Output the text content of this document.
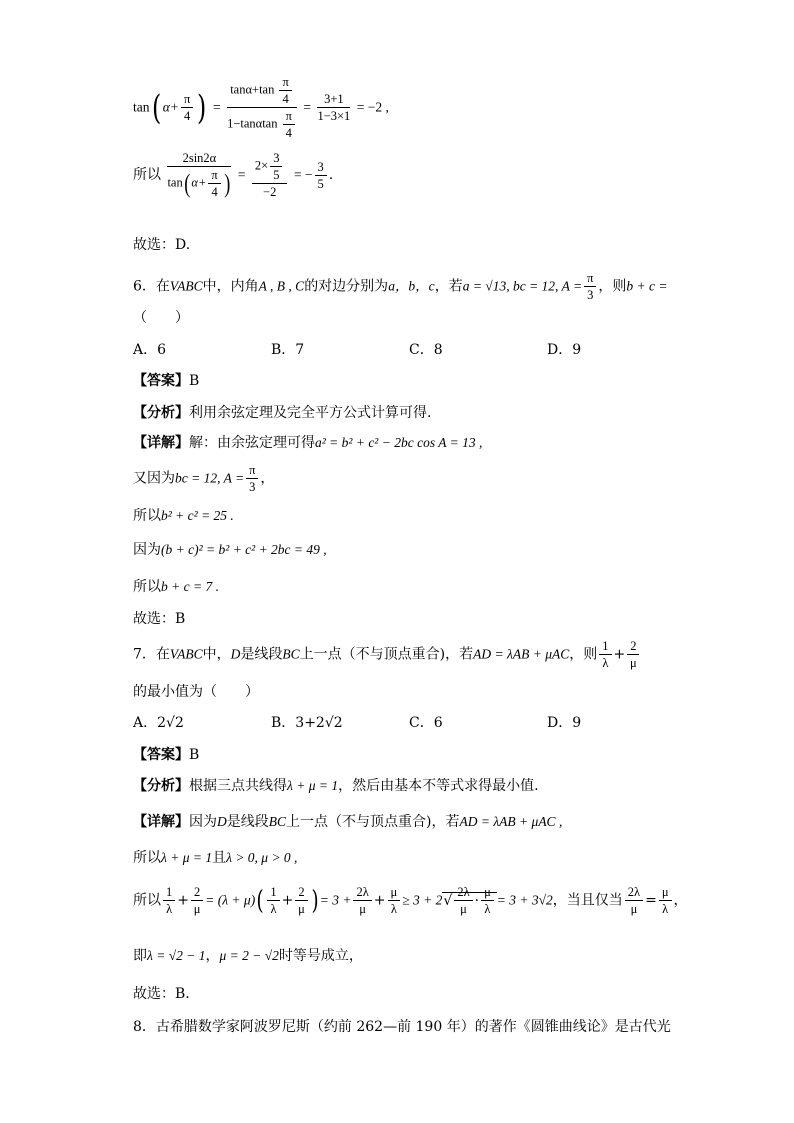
tan( $\alpha+ \frac{\pi}{4}$ ) = $\frac{\tan\alpha+\tan \frac{\pi}{4}}{1-\tan\alpha\tan \frac{\pi}{4}} = \frac{3+1}{1-3\times 1} = -2$ ,
所以 $\frac{2\sin 2\alpha}{\tan(\alpha+ \frac{\pi}{4} )} = \frac{2\times \frac{3}{5}}{-2}$ = − $\frac{3}{5}$ .
故选：D.
6．在VABC中，内角A , B , C的对边分别为a，b，c，若a = √13, bc = 12, $A = \frac{\pi}{3}$ ，则b + c =
（　　）
A．6	B．7	C．8	D．9
【答案】B
【分析】利用余弦定理及完全平方公式计算可得.
【详解】解：由余弦定理可得a² = b² + c² − 2bc cos A = 13 ,
又因为bc = 12, $A = \frac{\pi}{3}$ ，
所以b² + c² = 25 .
因为(b + c)² = b² + c² + 2bc = 49 ,
所以b + c = 7 .
故选：B
7．在VABC中，D是线段BC上一点（不与顶点重合)，若AD = λAB + μAC，则 $\frac{1}{\lambda} + \frac{2}{\mu}$
的最小值为（　　）
A．2√2	B．3+2√2	C．6	D．9
【答案】B
【分析】根据三点共线得λ + μ = 1，然后由基本不等式求得最小值.
【详解】因为D是线段BC上一点（不与顶点重合)，若AD = λAB + μAC ,
所以λ + μ = 1且λ > 0, μ > 0 ,
所以 $\frac{1}{\lambda} + \frac{2}{\mu} = (\lambda + \mu)( \frac{1}{\lambda} + \frac{2}{\mu}$ ) = $3 + \frac{2\lambda}{\mu} + \frac{\mu}{\lambda} \ge 3 + 2√ \frac{2\lambda}{\mu} \cdot \frac{\mu}{\lambda} = 3 + 3√2$，当且仅当 $\frac{2\lambda}{\mu} = \frac{\mu}{\lambda}$ ，
即λ = √2 − 1，μ = 2 − √2时等号成立，
故选：B.
8．古希腊数学家阿波罗尼斯（约前 262—前 190 年）的著作《圆锥曲线论》是古代光
